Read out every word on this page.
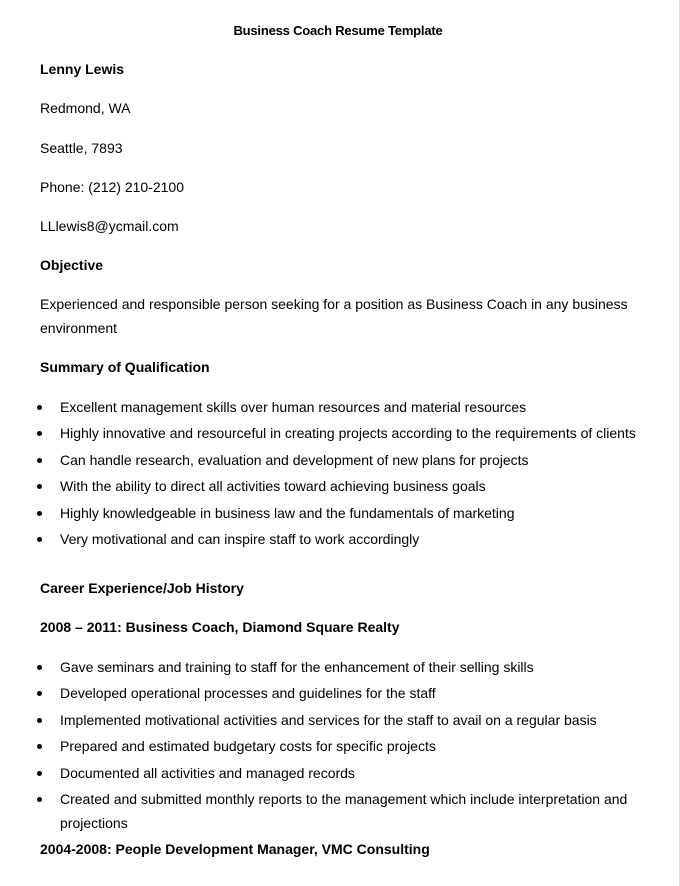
Business Coach Resume Template
Lenny Lewis
Redmond, WA
Seattle, 7893
Phone: (212) 210-2100
LLlewis8@ycmail.com
Objective
Experienced and responsible person seeking for a position as Business Coach in any business environment
Summary of Qualification
Excellent management skills over human resources and material resources
Highly innovative and resourceful in creating projects according to the requirements of clients
Can handle research, evaluation and development of new plans for projects
With the ability to direct all activities toward achieving business goals
Highly knowledgeable in business law and the fundamentals of marketing
Very motivational and can inspire staff to work accordingly
Career Experience/Job History
2008 – 2011: Business Coach, Diamond Square Realty
Gave seminars and training to staff for the enhancement of their selling skills
Developed operational processes and guidelines for the staff
Implemented motivational activities and services for the staff to avail on a regular basis
Prepared and estimated budgetary costs for specific projects
Documented all activities and managed records
Created and submitted monthly reports to the management which include interpretation and projections
2004-2008: People Development Manager, VMC Consulting
